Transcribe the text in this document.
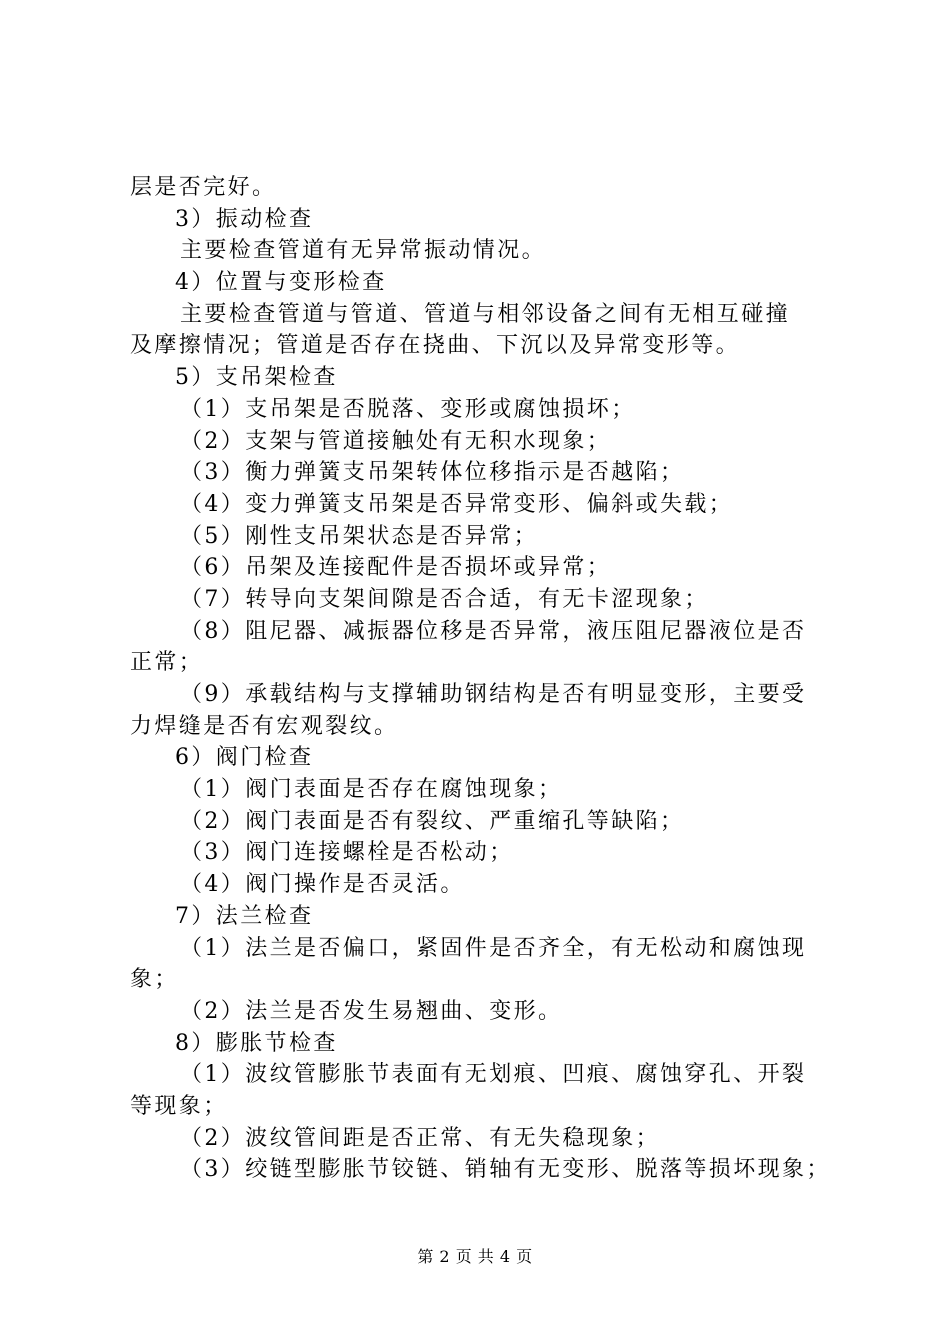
层是否完好。
3）振动检查
主要检查管道有无异常振动情况。
4）位置与变形检查
主要检查管道与管道、管道与相邻设备之间有无相互碰撞
及摩擦情况；管道是否存在挠曲、下沉以及异常变形等。
5）支吊架检查
（1）支吊架是否脱落、变形或腐蚀损坏；
（2）支架与管道接触处有无积水现象；
（3）衡力弹簧支吊架转体位移指示是否越陷；
（4）变力弹簧支吊架是否异常变形、偏斜或失载；
（5）刚性支吊架状态是否异常；
（6）吊架及连接配件是否损坏或异常；
（7）转导向支架间隙是否合适，有无卡涩现象；
（8）阻尼器、减振器位移是否异常，液压阻尼器液位是否
正常；
（9）承载结构与支撑辅助钢结构是否有明显变形，主要受
力焊缝是否有宏观裂纹。
6）阀门检查
（1）阀门表面是否存在腐蚀现象；
（2）阀门表面是否有裂纹、严重缩孔等缺陷；
（3）阀门连接螺栓是否松动；
（4）阀门操作是否灵活。
7）法兰检查
（1）法兰是否偏口，紧固件是否齐全，有无松动和腐蚀现
象；
（2）法兰是否发生易翘曲、变形。
8）膨胀节检查
（1）波纹管膨胀节表面有无划痕、凹痕、腐蚀穿孔、开裂
等现象；
（2）波纹管间距是否正常、有无失稳现象；
（3）绞链型膨胀节铰链、销轴有无变形、脱落等损坏现象；
第 2 页 共 4 页
